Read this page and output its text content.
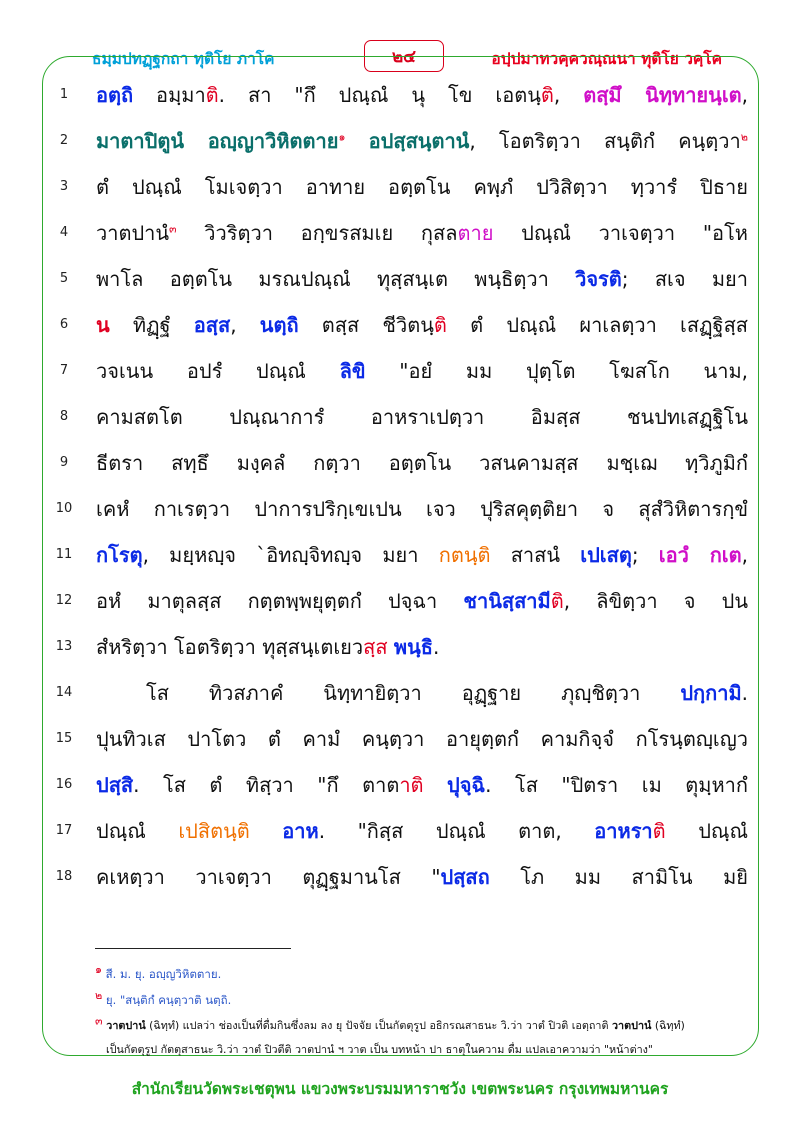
ธมฺมปทฏฺฐกถา ทุติโย ภาโค	๒๔	อปฺปมาทวคฺควณฺณนา ทุติโย วคฺโค
1	อตฺถิ อมฺมาติ. สา "กึ ปณฺณํ นุ โข เอตนฺติ, ตสฺมึ นิทฺทายนฺเต,
2	มาตาปิตูนํ อญฺญาวิหิตตาย$^๑$ อปสฺสนฺตานํ, โอตริตฺวา สนฺติกํ คนฺตฺวา$^๒$
3	ตํ ปณฺณํ โมเจตฺวา อาทาย อตฺตโน คพฺภํ ปวิสิตฺวา ทฺวารํ ปิธาย
4	วาตปานํ$^๓$ วิวริตฺวา อกฺขรสมเย กุสลตาย ปณฺณํ วาเจตฺวา "อโห
5	พาโล อตฺตโน มรณปณฺณํ ทุสฺสนฺเต พนฺธิตฺวา วิจรติ; สเจ มยา
6	น ทิฏฺฐํ อสฺส, นตฺถิ ตสฺส ชีวิตนฺติ ตํ ปณฺณํ ผาเลตฺวา เสฏฺฐิสฺส
7	วจเนน อปรํ ปณฺณํ ลิขิ "อยํ มม ปุตฺโต โฆสโก นาม,
8	คามสตโต ปณฺณาการํ อาหราเปตฺวา อิมสฺส ชนปทเสฏฺฐิโน
9	ธีตรา สทฺธึ มงฺคลํ กตฺวา อตฺตโน วสนคามสฺส มชฺเฌ ทฺวิภูมิกํ
10	เคหํ กาเรตฺวา ปาการปริกฺเขเปน เจว ปุริสคุตฺติยา จ สุสํวิหิตารกฺขํ
11	กโรตุ, มยฺหญฺจ `อิทญฺจิทญฺจ มยา กตนฺติ สาสนํ เปเสตุ; เอวํ กเต,
12	อหํ มาตุลสฺส กตฺตพฺพยุตฺตกํ ปจฺฉา ชานิสฺสามีติ, ลิขิตฺวา จ ปน
13	สํหริตฺวา โอตริตฺวา ทุสฺสนฺเตเยวสฺส พนฺธิ.
14	โส ทิวสภาคํ นิทฺทายิตฺวา อุฏฺฐาย ภุญฺชิตฺวา ปกฺกามิ.
15	ปุนทิวเส ปาโตว ตํ คามํ คนฺตฺวา อายุตฺตกํ คามกิจฺจํ กโรนฺตญฺเญว
16	ปสฺสิ. โส ตํ ทิสฺวา "กึ ตาตาติ ปุจฺฉิ. โส "ปิตรา เม ตุมฺหากํ
17	ปณฺณํ เปสิตนฺติ อาห. "กิสฺส ปณฺณํ ตาต, อาหราติ ปณฺณํ
18	คเหตฺวา วาเจตฺวา ตุฏฺฐมานโส "ปสฺสถ โภ มม สามิโน มยิ
$^๑$ สี. ม. ยุ. อญฺญวิหิตตาย.
$^๒$ ยุ. "สนฺติกํ คนฺตฺวาติ นตฺถิ.
$^๓$ วาตปานํ (ฉิทฺทํ) แปลว่า ช่องเป็นที่ดื่มกินซึ่งลม ลง ยุ ปัจจัย เป็นกัตตุรูป อธิกรณสาธนะ วิ.ว่า วาตํ ปิวติ เอตฺถาติ วาตปานํ (ฉิทฺทํ)
เป็นกัตตุรูป กัตตุสาธนะ วิ.ว่า วาตํ ปิวตีติ วาตปานํ ฯ วาต เป็น บทหน้า ปา ธาตุในความ ดื่ม แปลเอาความว่า "หน้าต่าง"
สำนักเรียนวัดพระเชตุพน แขวงพระบรมมหาราชวัง เขตพระนคร กรุงเทพมหานคร
